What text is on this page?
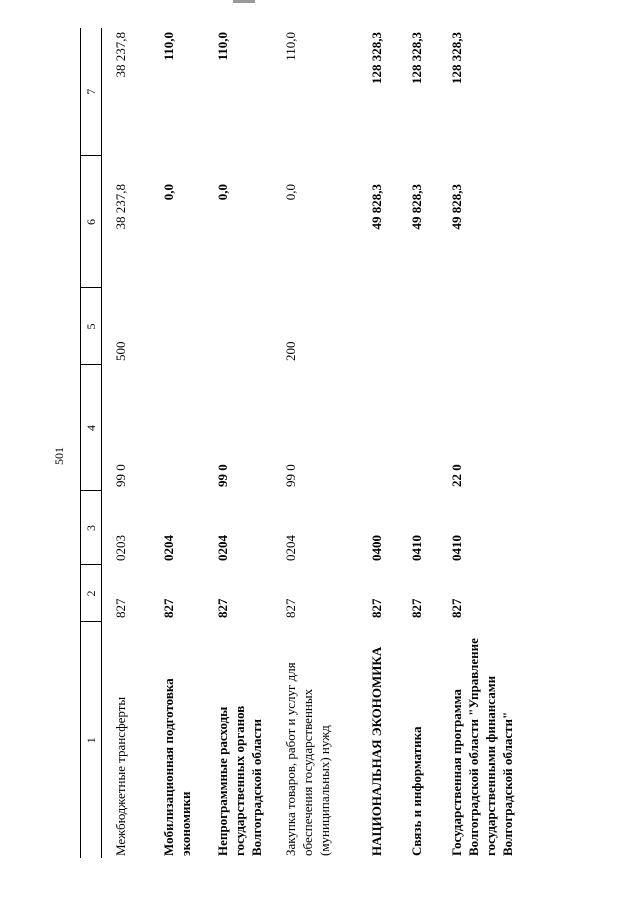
501
1	2	3	4	5	6	7
Межбюджетные трансферты	827	0203	99 0	500	38 237,8	38 237,8
Мобилизационная подготовка экономики	827	0204			0,0	110,0
Непрограммные расходы государственных органов Волгоградской области	827	0204	99 0		0,0	110,0
Закупка товаров, работ и услуг для обеспечения государственных (муниципальных) нужд	827	0204	99 0	200	0,0	110,0
НАЦИОНАЛЬНАЯ ЭКОНОМИКА	827	0400			49 828,3	128 328,3
Связь и информатика	827	0410			49 828,3	128 328,3
Государственная программа Волгоградской области "Управление государственными финансами Волгоградской области"	827	0410	22 0		49 828,3	128 328,3
